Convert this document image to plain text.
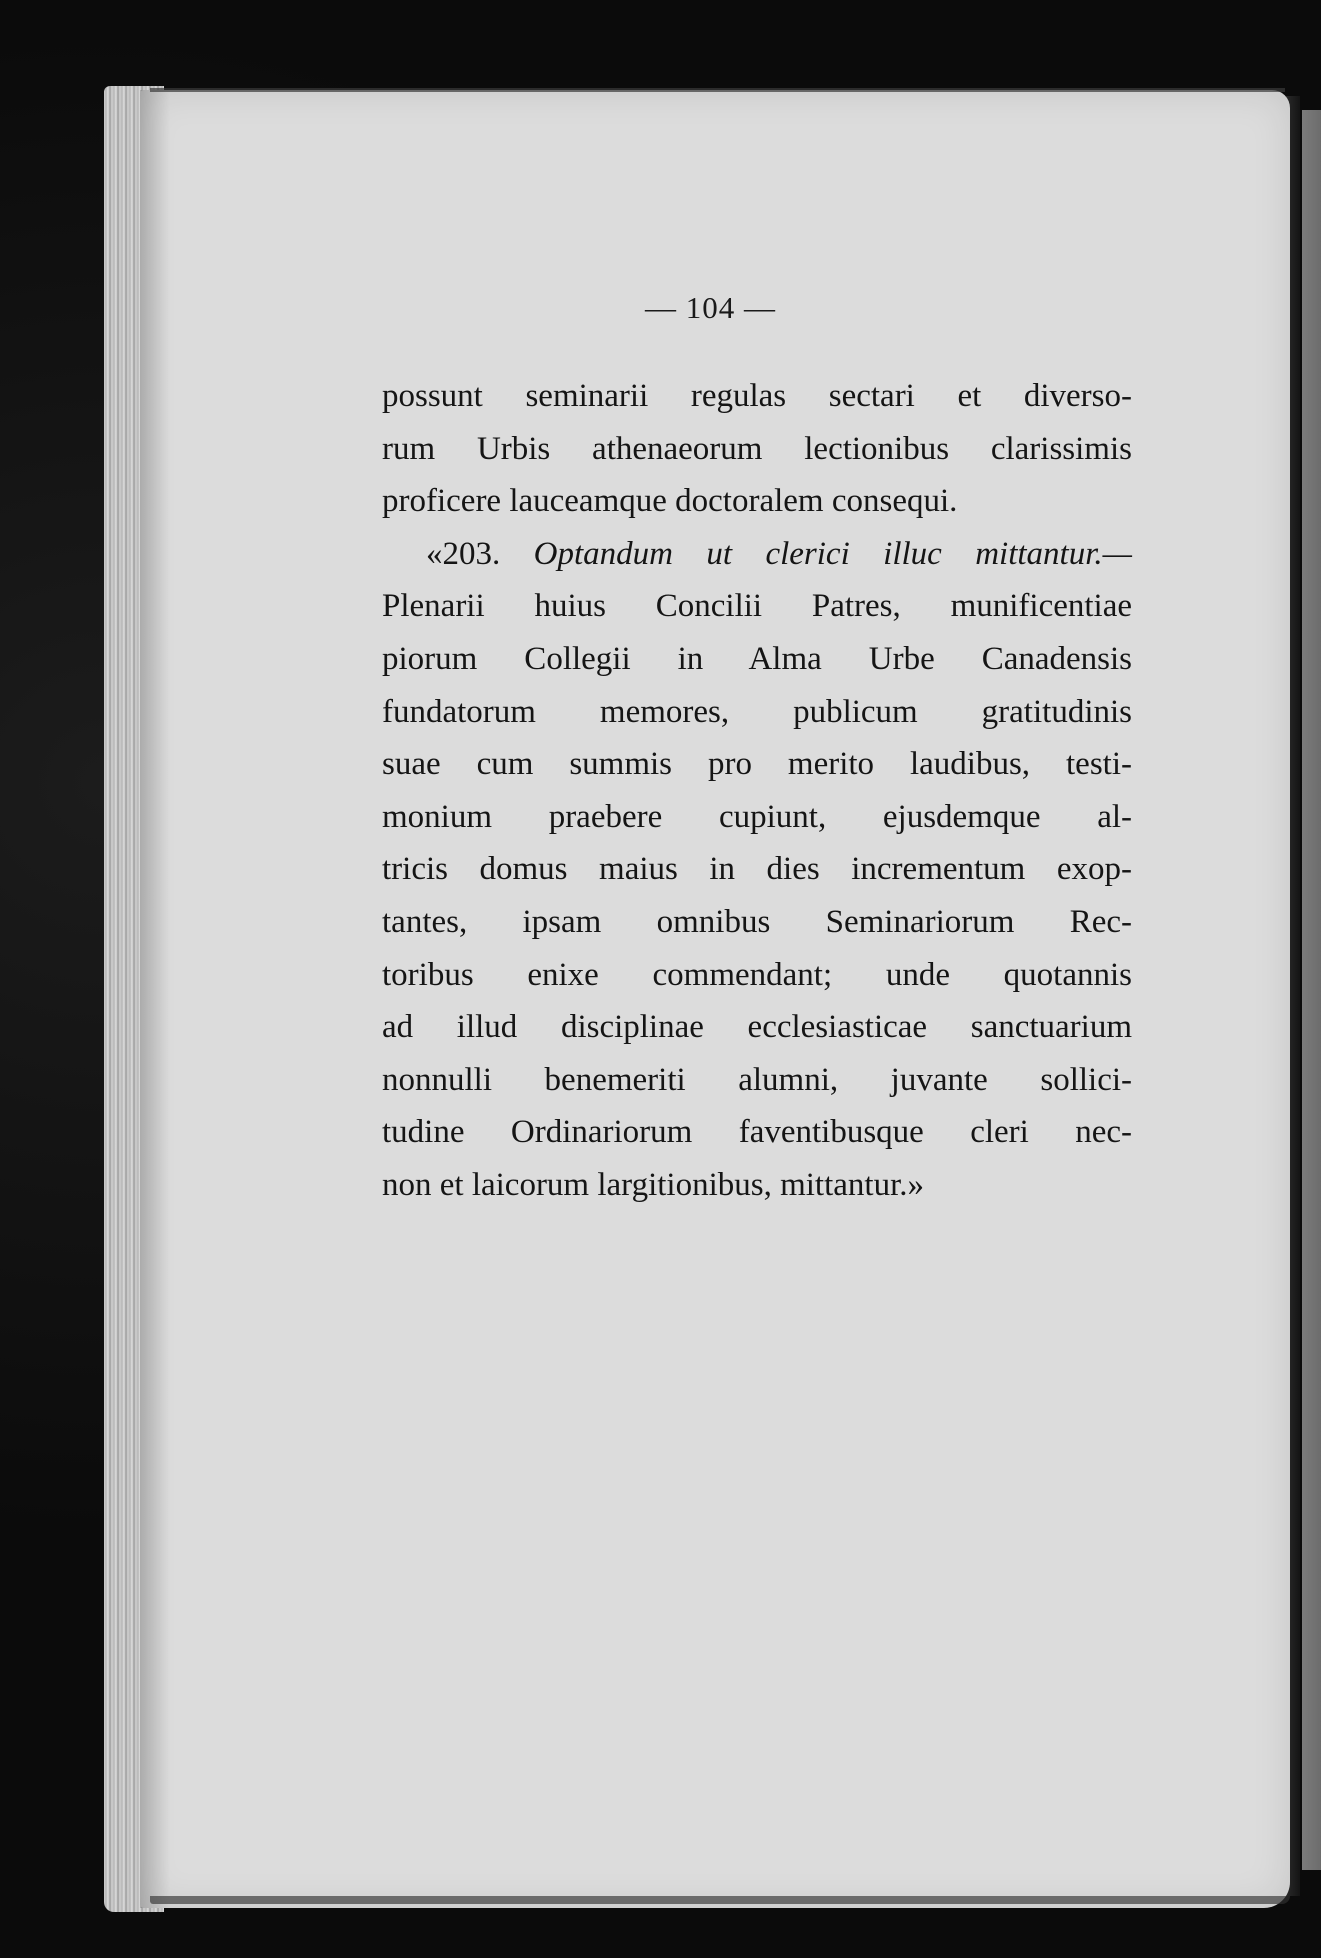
— 104 —
possunt seminarii regulas sectari et diverso-
rum Urbis athenaeorum lectionibus clarissimis
proficere lauceamque doctoralem consequi.
«203. Optandum ut clerici illuc mittantur.—
Plenarii huius Concilii Patres, munificentiae
piorum Collegii in Alma Urbe Canadensis
fundatorum memores, publicum gratitudinis
suae cum summis pro merito laudibus, testi-
monium praebere cupiunt, ejusdemque al-
tricis domus maius in dies incrementum exop-
tantes, ipsam omnibus Seminariorum Rec-
toribus enixe commendant; unde quotannis
ad illud disciplinae ecclesiasticae sanctuarium
nonnulli benemeriti alumni, juvante sollici-
tudine Ordinariorum faventibusque cleri nec-
non et laicorum largitionibus, mittantur.»
